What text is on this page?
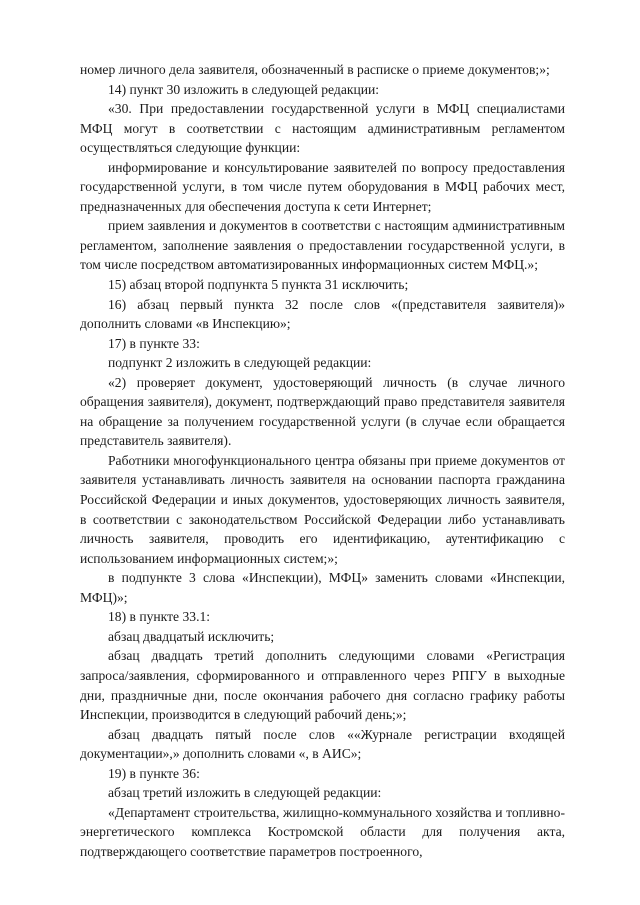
номер личного дела заявителя, обозначенный в расписке о приеме документов;»;

14) пункт 30 изложить в следующей редакции:

«30. При предоставлении государственной услуги в МФЦ специалистами МФЦ могут в соответствии с настоящим административным регламентом осуществляться следующие функции:

информирование и консультирование заявителей по вопросу предоставления государственной услуги, в том числе путем оборудования в МФЦ рабочих мест, предназначенных для обеспечения доступа к сети Интернет;

прием заявления и документов в соответстви с настоящим административным регламентом, заполнение заявления о предоставлении государственной услуги, в том числе посредством автоматизированных информационных систем МФЦ.»;

15) абзац второй подпункта 5 пункта 31 исключить;

16) абзац первый пункта 32 после слов «(представителя заявителя)» дополнить словами «в Инспекцию»;

17) в пункте 33:

подпункт 2 изложить в следующей редакции:

«2) проверяет документ, удостоверяющий личность (в случае личного обращения заявителя), документ, подтверждающий право представителя заявителя на обращение за получением государственной услуги (в случае если обращается представитель заявителя).

Работники многофункционального центра обязаны при приеме документов от заявителя устанавливать личность заявителя на основании паспорта гражданина Российской Федерации и иных документов, удостоверяющих личность заявителя, в соответствии с законодательством Российской Федерации либо устанавливать личность заявителя, проводить его идентификацию, аутентификацию с использованием информационных систем;»;

в подпункте 3 слова «Инспекции), МФЦ» заменить словами «Инспекции, МФЦ)»;

18) в пункте 33.1:

абзац двадцатый исключить;

абзац двадцать третий дополнить следующими словами «Регистрация запроса/заявления, сформированного и отправленного через РПГУ в выходные дни, праздничные дни, после окончания рабочего дня согласно графику работы Инспекции, производится в следующий рабочий день;»;

абзац двадцать пятый после слов ««Журнале регистрации входящей документации»,» дополнить словами «, в АИС»;

19) в пункте 36:

абзац третий изложить в следующей редакции:

«Департамент строительства, жилищно-коммунального хозяйства и топливно-энергетического комплекса Костромской области для получения акта, подтверждающего соответствие параметров построенного,
